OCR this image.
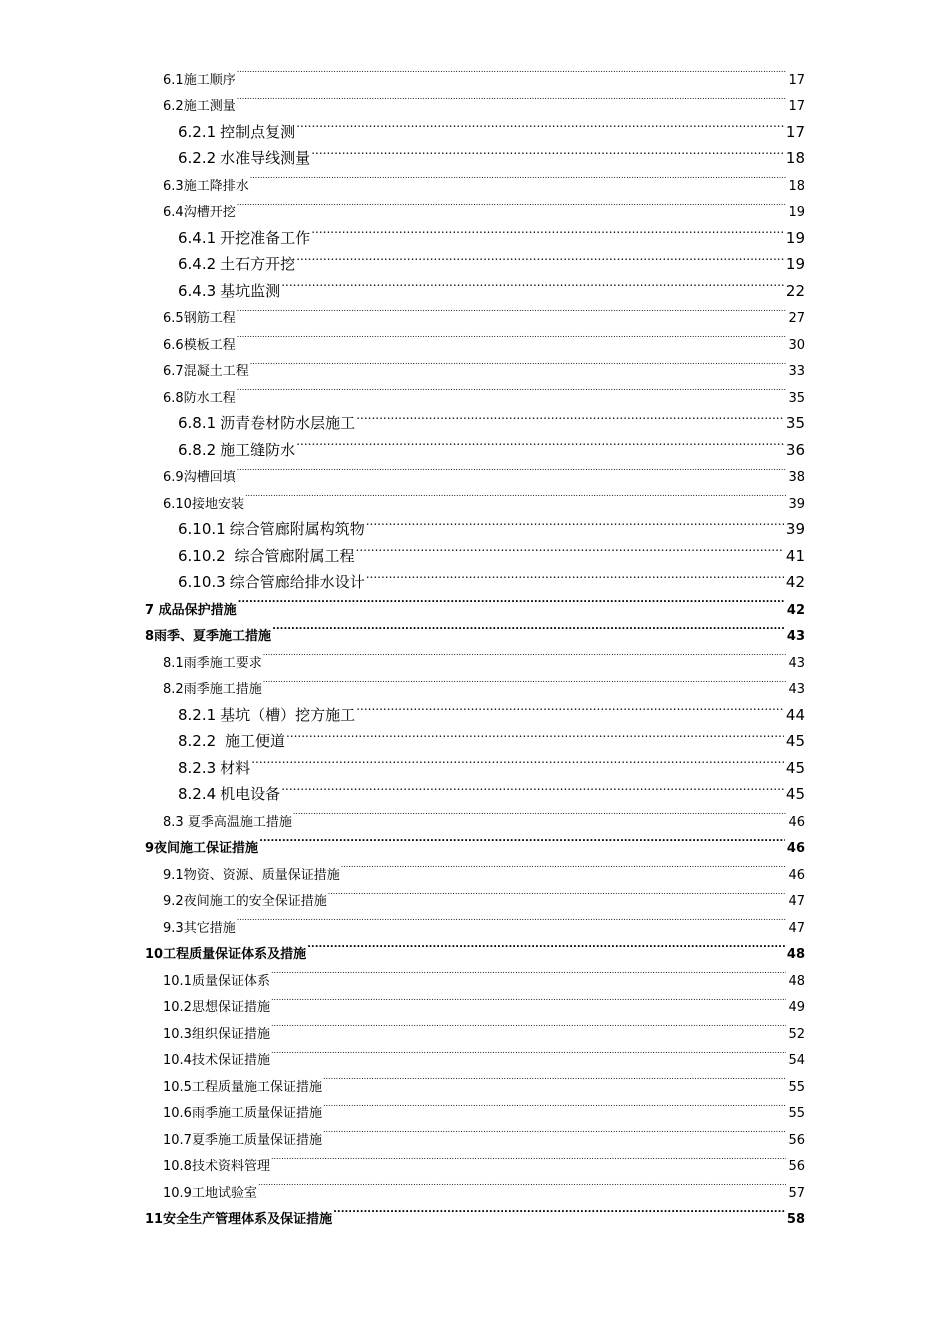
6.1施工顺序 .....	17
6.2施工测量 .....	17
6.2.1 控制点复测 .....	17
6.2.2 水准导线测量 .....	18
6.3施工降排水 .....	18
6.4沟槽开挖 .....	19
6.4.1 开挖准备工作 .....	19
6.4.2 土石方开挖 .....	19
6.4.3 基坑监测 .....	22
6.5钢筋工程 .....	27
6.6模板工程 .....	30
6.7混凝土工程 .....	33
6.8防水工程 .....	35
6.8.1 沥青卷材防水层施工 .....	35
6.8.2 施工缝防水 .....	36
6.9沟槽回填 .....	38
6.10接地安装 .....	39
6.10.1 综合管廊附属构筑物 .....	39
6.10.2 综合管廊附属工程 .....	41
6.10.3 综合管廊给排水设计 .....	42
7 成品保护措施 .....	42
8雨季、夏季施工措施 .....	43
8.1雨季施工要求 .....	43
8.2雨季施工措施 .....	43
8.2.1 基坑（槽）挖方施工 .....	44
8.2.2 施工便道 .....	45
8.2.3 材料 .....	45
8.2.4 机电设备 .....	45
8.3 夏季高温施工措施 .....	46
9夜间施工保证措施 .....	46
9.1物资、资源、质量保证措施 .....	46
9.2夜间施工的安全保证措施 .....	47
9.3其它措施 .....	47
10工程质量保证体系及措施 .....	48
10.1质量保证体系 .....	48
10.2思想保证措施 .....	49
10.3组织保证措施 .....	52
10.4技术保证措施 .....	54
10.5工程质量施工保证措施 .....	55
10.6雨季施工质量保证措施 .....	55
10.7夏季施工质量保证措施 .....	56
10.8技术资料管理 .....	56
10.9工地试验室 .....	57
11安全生产管理体系及保证措施 .....	58
